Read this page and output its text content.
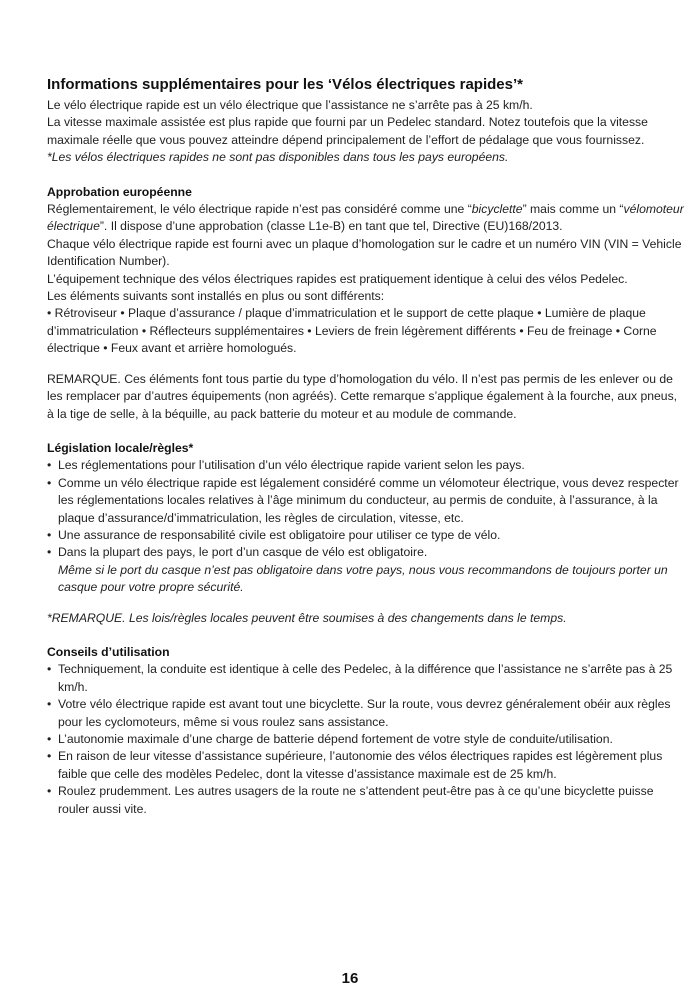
Informations supplémentaires pour les ‘Vélos électriques rapides’*

Le vélo électrique rapide est un vélo électrique que l’assistance ne s’arrête pas à 25 km/h.

La vitesse maximale assistée est plus rapide que fourni par un Pedelec standard. Notez toutefois que la vitesse maximale réelle que vous pouvez atteindre dépend principalement de l’effort de pédalage que vous fournissez.

*Les vélos électriques rapides ne sont pas disponibles dans tous les pays européens.

Approbation européenne

Réglementairement, le vélo électrique rapide n’est pas considéré comme une “bicyclette” mais comme un “vélomoteur électrique”. Il dispose d’une approbation (classe L1e-B) en tant que tel, Directive (EU)168/2013.

Chaque vélo électrique rapide est fourni avec un plaque d’homologation sur le cadre et un numéro VIN (VIN = Vehicle Identification Number).

L’équipement technique des vélos électriques rapides est pratiquement identique à celui des vélos Pedelec.

Les éléments suivants sont installés en plus ou sont différents:

• Rétroviseur • Plaque d’assurance / plaque d’immatriculation et le support de cette plaque • Lumière de plaque d’immatriculation • Réflecteurs supplémentaires • Leviers de frein légèrement différents • Feu de freinage • Corne électrique • Feux avant et arrière homologués.

REMARQUE. Ces éléments font tous partie du type d’homologation du vélo. Il n’est pas permis de les enlever ou de les remplacer par d’autres équipements (non agréés). Cette remarque s’applique également à la fourche, aux pneus, à la tige de selle, à la béquille, au pack batterie du moteur et au module de commande.

Législation locale/règles*
• Les réglementations pour l’utilisation d’un vélo électrique rapide varient selon les pays.
• Comme un vélo électrique rapide est légalement considéré comme un vélomoteur électrique, vous devez respecter les réglementations locales relatives à l’âge minimum du conducteur, au permis de conduite, à l’assurance, à la plaque d’assurance/d’immatriculation, les règles de circulation, vitesse, etc.
• Une assurance de responsabilité civile est obligatoire pour utiliser ce type de vélo.
• Dans la plupart des pays, le port d’un casque de vélo est obligatoire.

Même si le port du casque n’est pas obligatoire dans votre pays, nous vous recommandons de toujours porter un casque pour votre propre sécurité.

*REMARQUE. Les lois/règles locales peuvent être soumises à des changements dans le temps.

Conseils d’utilisation
• Techniquement, la conduite est identique à celle des Pedelec, à la différence que l’assistance ne s’arrête pas à 25 km/h.
• Votre vélo électrique rapide est avant tout une bicyclette. Sur la route, vous devrez généralement obéir aux règles pour les cyclomoteurs, même si vous roulez sans assistance.
• L’autonomie maximale d’une charge de batterie dépend fortement de votre style de conduite/utilisation.
• En raison de leur vitesse d’assistance supérieure, l’autonomie des vélos électriques rapides est légèrement plus faible que celle des modèles Pedelec, dont la vitesse d’assistance maximale est de 25 km/h.
• Roulez prudemment. Les autres usagers de la route ne s’attendent peut-être pas à ce qu’une bicyclette puisse rouler aussi vite.
16
